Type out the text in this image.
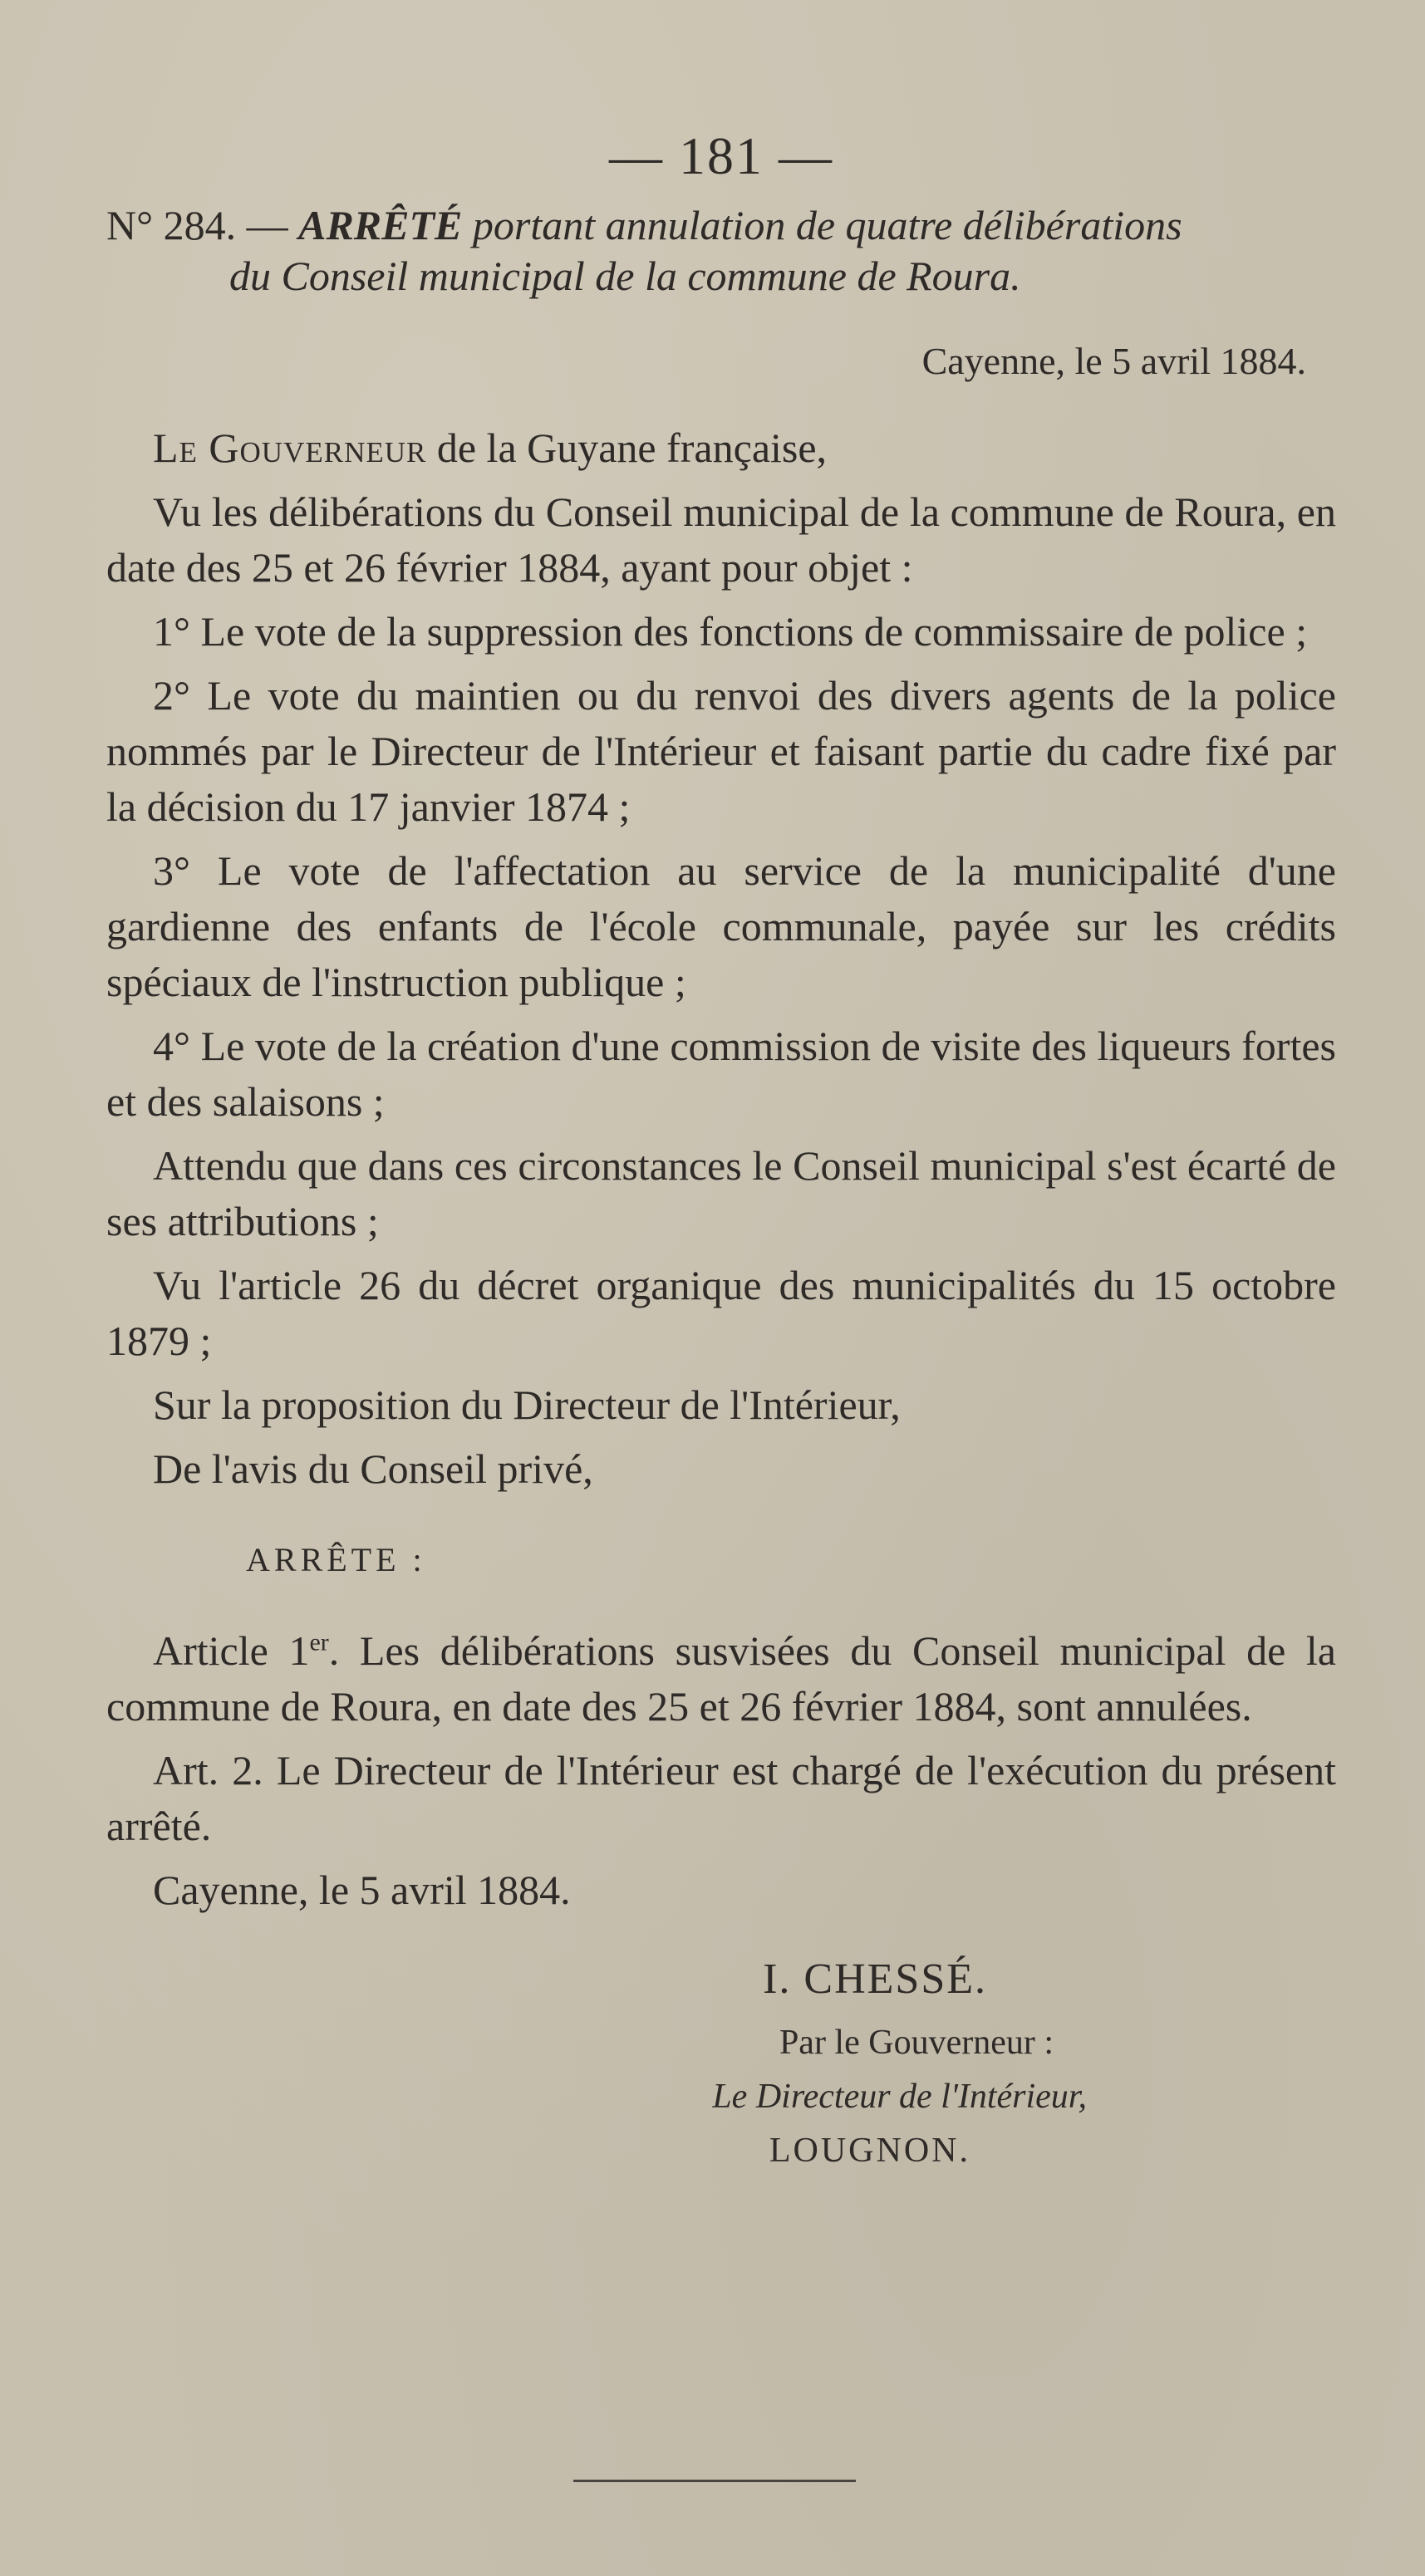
— 181 —

N° 284. — ARRÊTÉ portant annulation de quatre délibérations
du Conseil municipal de la commune de Roura.

Cayenne, le 5 avril 1884.

Le Gouverneur de la Guyane française,

Vu les délibérations du Conseil municipal de la commune de Roura, en date des 25 et 26 février 1884, ayant pour objet :

1° Le vote de la suppression des fonctions de commissaire de police ;

2° Le vote du maintien ou du renvoi des divers agents de la police nommés par le Directeur de l'Intérieur et faisant partie du cadre fixé par la décision du 17 janvier 1874 ;

3° Le vote de l'affectation au service de la municipalité d'une gardienne des enfants de l'école communale, payée sur les crédits spéciaux de l'instruction publique ;

4° Le vote de la création d'une commission de visite des liqueurs fortes et des salaisons ;

Attendu que dans ces circonstances le Conseil municipal s'est écarté de ses attributions ;

Vu l'article 26 du décret organique des municipalités du 15 octobre 1879 ;

Sur la proposition du Directeur de l'Intérieur,

De l'avis du Conseil privé,

ARRÊTE :

Article 1er. Les délibérations susvisées du Conseil municipal de la commune de Roura, en date des 25 et 26 février 1884, sont annulées.

Art. 2. Le Directeur de l'Intérieur est chargé de l'exécution du présent arrêté.

Cayenne, le 5 avril 1884.

I. CHESSÉ.
Par le Gouverneur :
Le Directeur de l'Intérieur,
LOUGNON.
